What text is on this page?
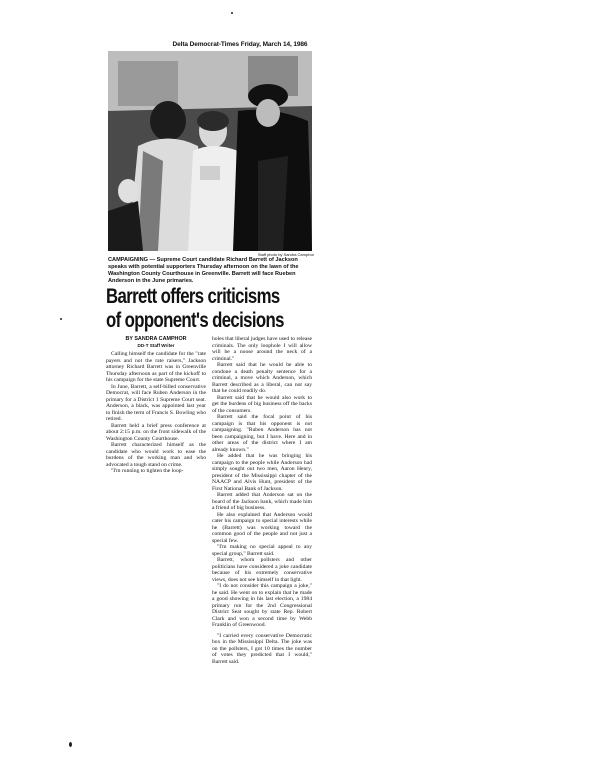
Delta Democrat-Times Friday, March 14, 1986
Staff photo by Sandra Camphor
CAMPAIGNING — Supreme Court candidate Richard Barrett of Jackson speaks with potential supporters Thursday afternoon on the lawn of the Washington County Courthouse in Greenville. Barrett will face Rueben Anderson in the June primaries.
Barrett offers criticisms
of opponent's decisions
BY SANDRA CAMPHOR
DD-T Staff Writer

Calling himself the candidate for the "rate payers and not the rate raisers," Jackson attorney Richard Barrett was in Greenville Thursday afternoon as part of the kickoff to his campaign for the state Supreme Court.

In June, Barrett, a self-billed conservative Democrat, will face Ruben Anderson in the primary for a District 1 Supreme Court seat. Anderson, a black, was appointed last year to finish the term of Francis S. Bowling who retired.

Barrett held a brief press conference at about 2:15 p.m. on the front sidewalk of the Washington County Courthouse.

Barrett characterized himself as the candidate who would work to ease the burdens of the working man and who advocated a tough stand on crime.

"I'm running to tighten the loop-

holes that liberal judges have used to release criminals. The only loophole I will allow will be a noose around the neck of a criminal."

Barrett said that he would be able to condone a death penalty sentence for a criminal, a move which Anderson, which Barrett described as a liberal, can not say that he could readily do.

Barrett said that he would also work to get the burdens of big business off the backs of the consumers.

Barrett said the focal point of his campaign is that his opponent is not campaigning. "Ruben Anderson has not been campaigning, but I have. Here and in other areas of the district where I am already known."

He added that he was bringing his campaign to the people while Anderson had simply sought out two men, Aaron Henry, president of the Mississippi chapter of the NAACP and Alvis Hunt, president of the First National Bank of Jackson.

Barrett added that Anderson sat on the board of the Jackson bank, which made him a friend of big business.

He also explained that Anderson would cater his campaign to special interests while he (Barrett) was working toward the common good of the people and not just a special few.

"I'm making no special appeal to any special group," Barrett said.

Barrett, whom pollsters and other politicians have considered a joke candidate because of his extremely conservative views, does not see himself in that light.

"I do not consider this campaign a joke," he said. He went on to explain that he made a good showing in his last election, a 1984 primary run for the 2nd Congressional District Seat sought by state Rep. Robert Clark and won a second time by Webb Franklin of Greenwood.

"I carried every conservative Democratic box in the Mississippi Delta. The joke was on the pollsters, I got 10 times the number of votes they predicted that I would," Barrett said.
